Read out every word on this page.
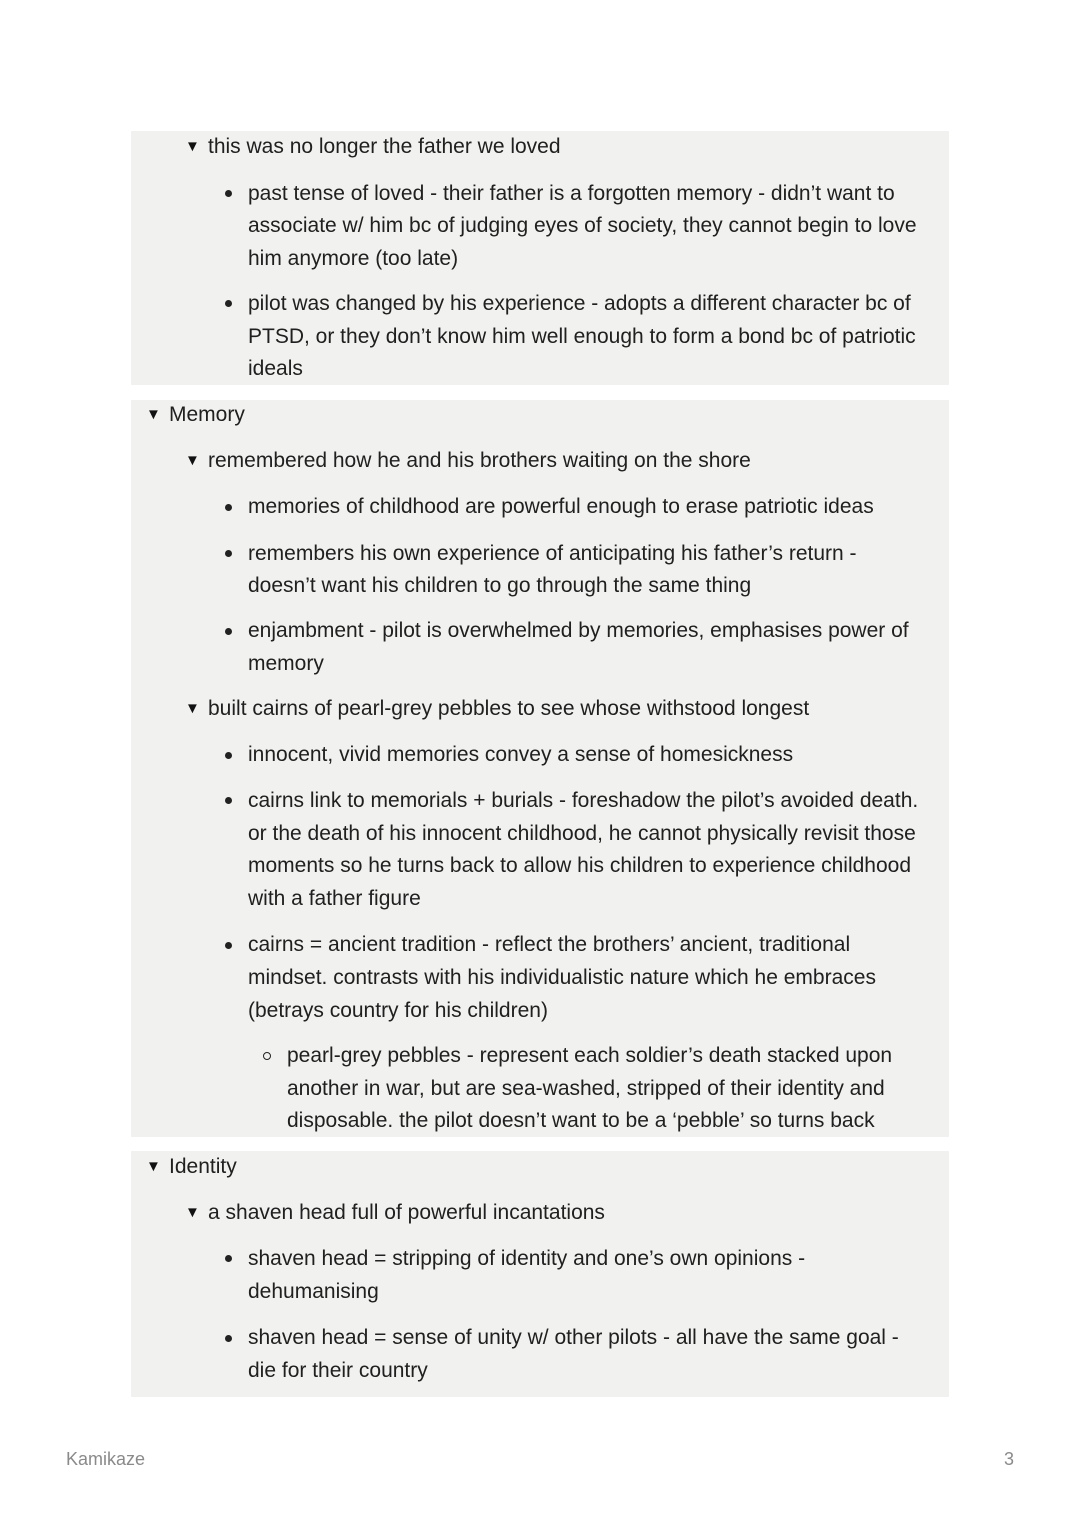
▼ this was no longer the father we loved
past tense of loved - their father is a forgotten memory - didn’t want to
associate w/ him bc of judging eyes of society, they cannot begin to love
him anymore (too late)
pilot was changed by his experience - adopts a different character bc of
PTSD, or they don’t know him well enough to form a bond bc of patriotic
ideals
▼ Memory
▼ remembered how he and his brothers waiting on the shore
memories of childhood are powerful enough to erase patriotic ideas
remembers his own experience of anticipating his father’s return -
doesn’t want his children to go through the same thing
enjambment - pilot is overwhelmed by memories, emphasises power of
memory
▼ built cairns of pearl-grey pebbles to see whose withstood longest
innocent, vivid memories convey a sense of homesickness
cairns link to memorials + burials - foreshadow the pilot’s avoided death.
or the death of his innocent childhood, he cannot physically revisit those
moments so he turns back to allow his children to experience childhood
with a father figure
cairns = ancient tradition - reflect the brothers’ ancient, traditional
mindset. contrasts with his individualistic nature which he embraces
(betrays country for his children)
pearl-grey pebbles - represent each soldier’s death stacked upon
another in war, but are sea-washed, stripped of their identity and
disposable. the pilot doesn’t want to be a ‘pebble’ so turns back
▼ Identity
▼ a shaven head full of powerful incantations
shaven head = stripping of identity and one’s own opinions -
dehumanising
shaven head = sense of unity w/ other pilots - all have the same goal -
die for their country
Kamikaze	3
